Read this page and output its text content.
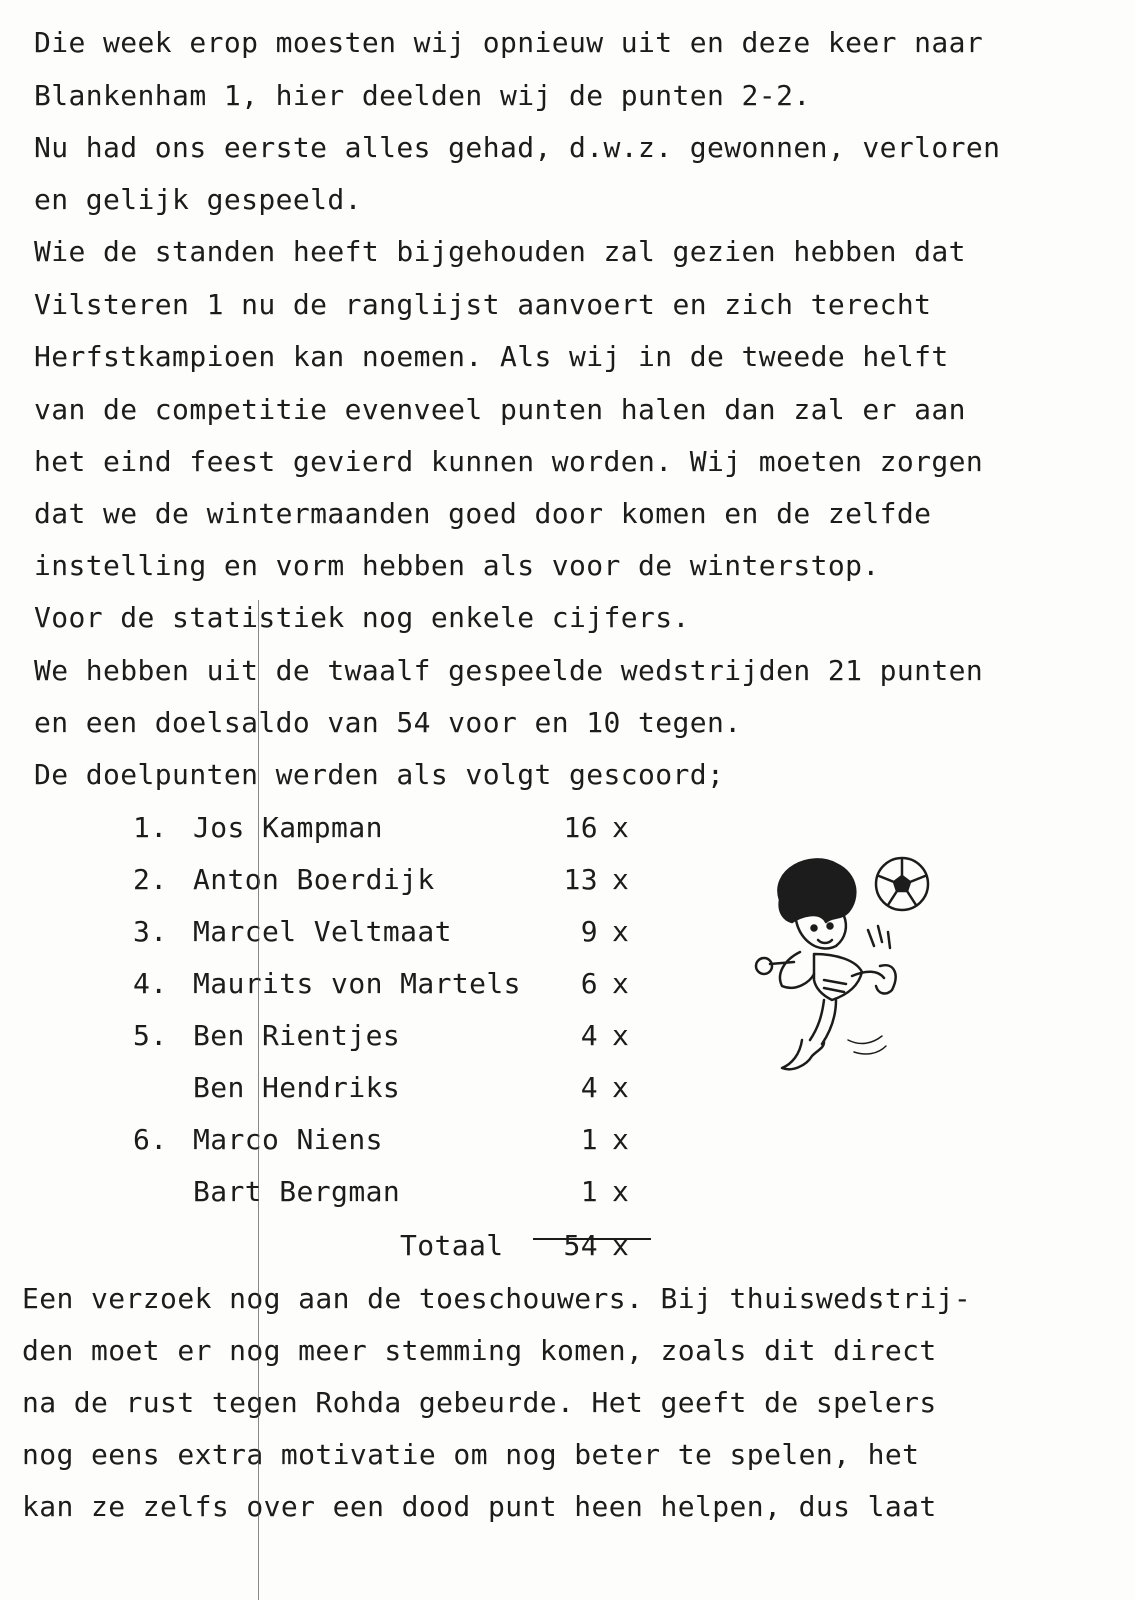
Die week erop moesten wij opnieuw uit en deze keer naar
Blankenham 1, hier deelden wij de punten 2-2.
Nu had ons eerste alles gehad, d.w.z. gewonnen, verloren
en gelijk gespeeld.
Wie de standen heeft bijgehouden zal gezien hebben dat
Vilsteren 1 nu de ranglijst aanvoert en zich terecht
Herfstkampioen kan noemen. Als wij in de tweede helft
van de competitie evenveel punten halen dan zal er aan
het eind feest gevierd kunnen worden. Wij moeten zorgen
dat we de wintermaanden goed door komen en de zelfde
instelling en vorm hebben als voor de winterstop.
Voor de statistiek nog enkele cijfers.
We hebben uit de twaalf gespeelde wedstrijden 21 punten
en een doelsaldo van 54 voor en 10 tegen.
De doelpunten werden als volgt gescoord;
1. Jos Kampman	16 x
2. Anton Boerdijk	13 x
3. Marcel Veltmaat	9 x
4. Maurits von Martels	6 x
5. Ben Rientjes	4 x
Ben Hendriks	4 x
6. Marco Niens	1 x
Bart Bergman	1 x
Totaal	54 x
Een verzoek nog aan de toeschouwers. Bij thuiswedstrij-
den moet er nog meer stemming komen, zoals dit direct
na de rust tegen Rohda gebeurde. Het geeft de spelers
nog eens extra motivatie om nog beter te spelen, het
kan ze zelfs over een dood punt heen helpen, dus laat
